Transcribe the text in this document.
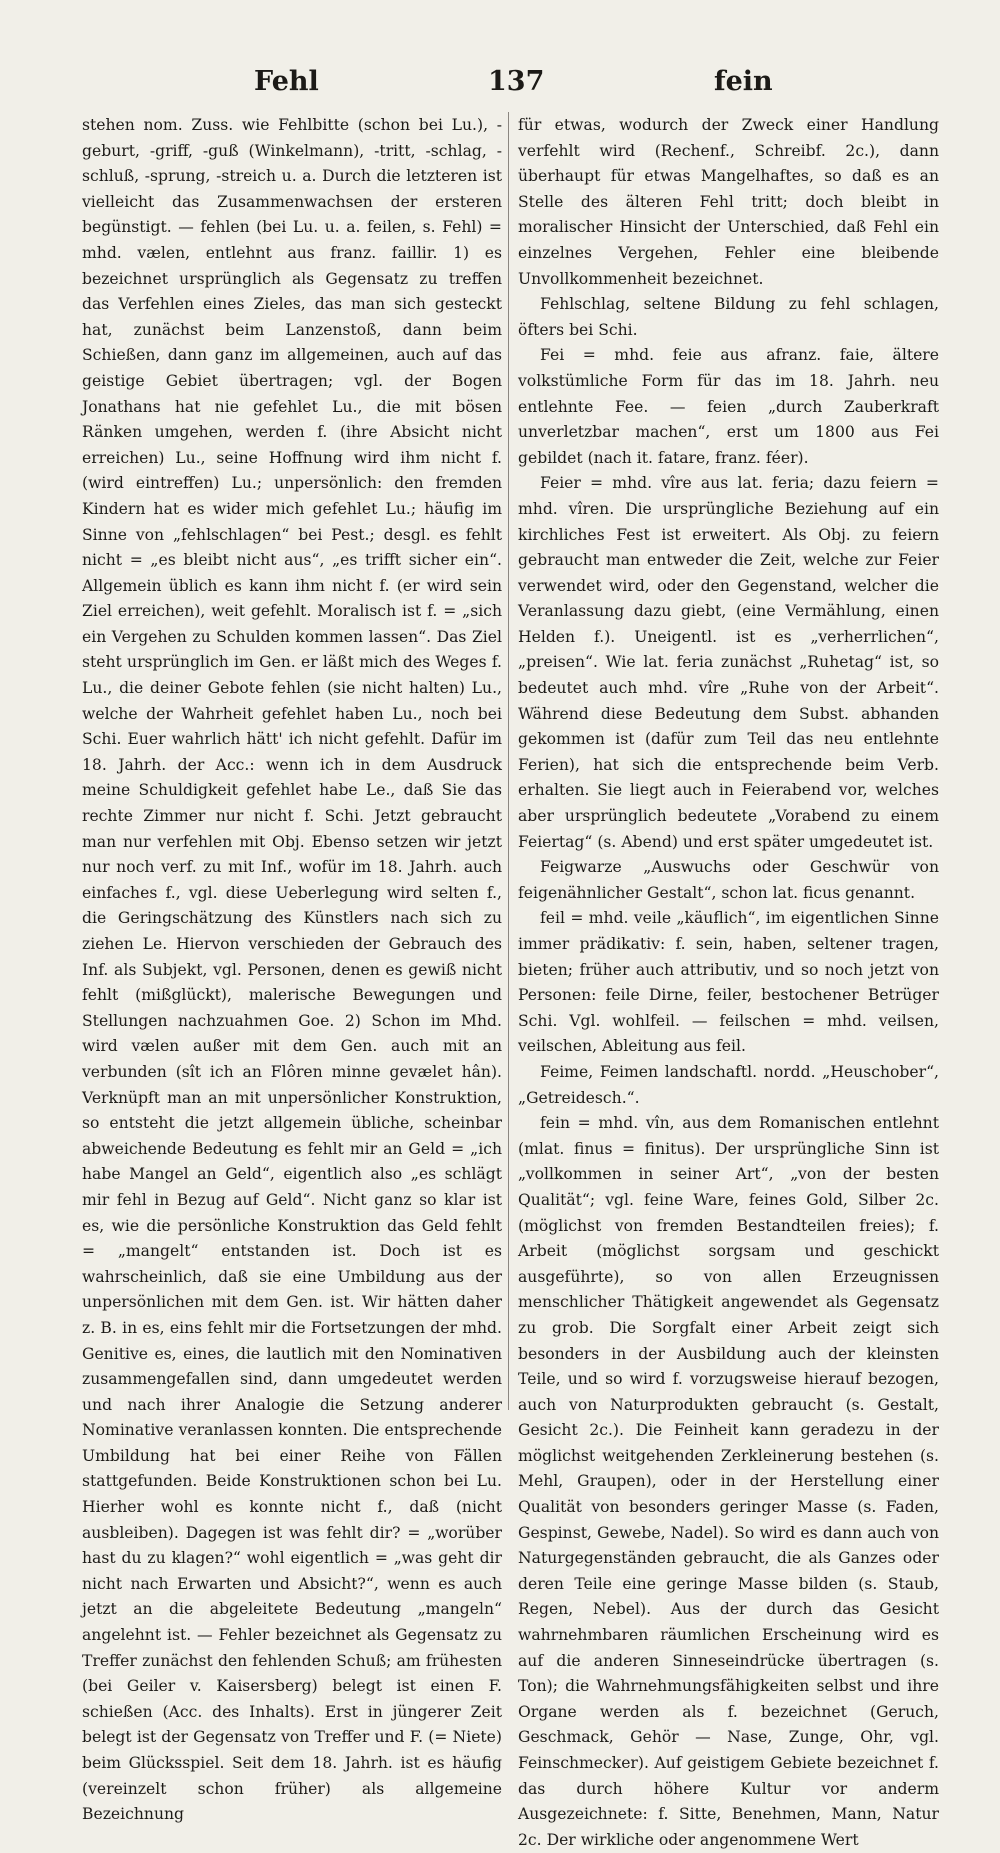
Fehl	137	fein

stehen nom. Zuss. wie Fehlbitte (schon bei Lu.), -geburt, -griff, -guß (Winkelmann), -tritt, -schlag, -schluß, -sprung, -streich u. a. Durch die letzteren ist vielleicht das Zusammenwachsen der ersteren begünstigt. — fehlen (bei Lu. u. a. feilen, s. Fehl) = mhd. vælen, entlehnt aus franz. faillir. 1) es bezeichnet ursprünglich als Gegensatz zu treffen das Verfehlen eines Zieles, das man sich gesteckt hat, zunächst beim Lanzenstoß, dann beim Schießen, dann ganz im allgemeinen, auch auf das geistige Gebiet übertragen; vgl. der Bogen Jonathans hat nie gefehlet Lu., die mit bösen Ränken umgehen, werden f. (ihre Absicht nicht erreichen) Lu., seine Hoffnung wird ihm nicht f. (wird eintreffen) Lu.; unpersönlich: den fremden Kindern hat es wider mich gefehlet Lu.; häufig im Sinne von „fehlschlagen“ bei Pest.; desgl. es fehlt nicht = „es bleibt nicht aus“, „es trifft sicher ein“. Allgemein üblich es kann ihm nicht f. (er wird sein Ziel erreichen), weit gefehlt. Moralisch ist f. = „sich ein Vergehen zu Schulden kommen lassen“. Das Ziel steht ursprünglich im Gen. er läßt mich des Weges f. Lu., die deiner Gebote fehlen (sie nicht halten) Lu., welche der Wahrheit gefehlet haben Lu., noch bei Schi. Euer wahrlich hätt' ich nicht gefehlt. Dafür im 18. Jahrh. der Acc.: wenn ich in dem Ausdruck meine Schuldigkeit gefehlet habe Le., daß Sie das rechte Zimmer nur nicht f. Schi. Jetzt gebraucht man nur verfehlen mit Obj. Ebenso setzen wir jetzt nur noch verf. zu mit Inf., wofür im 18. Jahrh. auch einfaches f., vgl. diese Ueberlegung wird selten f., die Geringschätzung des Künstlers nach sich zu ziehen Le. Hiervon verschieden der Gebrauch des Inf. als Subjekt, vgl. Personen, denen es gewiß nicht fehlt (mißglückt), malerische Bewegungen und Stellungen nachzuahmen Goe. 2) Schon im Mhd. wird vælen außer mit dem Gen. auch mit an verbunden (sît ich an Flôren minne gevælet hân). Verknüpft man an mit unpersönlicher Konstruktion, so entsteht die jetzt allgemein übliche, scheinbar abweichende Bedeutung es fehlt mir an Geld = „ich habe Mangel an Geld“, eigentlich also „es schlägt mir fehl in Bezug auf Geld“. Nicht ganz so klar ist es, wie die persönliche Konstruktion das Geld fehlt = „mangelt“ entstanden ist. Doch ist es wahrscheinlich, daß sie eine Umbildung aus der unpersönlichen mit dem Gen. ist. Wir hätten daher z. B. in es, eins fehlt mir die Fortsetzungen der mhd. Genitive es, eines, die lautlich mit den Nominativen zusammengefallen sind, dann umgedeutet werden und nach ihrer Analogie die Setzung anderer Nominative veranlassen konnten. Die entsprechende Umbildung hat bei einer Reihe von Fällen stattgefunden. Beide Konstruktionen schon bei Lu. Hierher wohl es konnte nicht f., daß (nicht ausbleiben). Dagegen ist was fehlt dir? = „worüber hast du zu klagen?“ wohl eigentlich = „was geht dir nicht nach Erwarten und Absicht?“, wenn es auch jetzt an die abgeleitete Bedeutung „mangeln“ angelehnt ist. — Fehler bezeichnet als Gegensatz zu Treffer zunächst den fehlenden Schuß; am frühesten (bei Geiler v. Kaisersberg) belegt ist einen F. schießen (Acc. des Inhalts). Erst in jüngerer Zeit belegt ist der Gegensatz von Treffer und F. (= Niete) beim Glücksspiel. Seit dem 18. Jahrh. ist es häufig (vereinzelt schon früher) als allgemeine Bezeichnung

für etwas, wodurch der Zweck einer Handlung verfehlt wird (Rechenf., Schreibf. 2c.), dann überhaupt für etwas Mangelhaftes, so daß es an Stelle des älteren Fehl tritt; doch bleibt in moralischer Hinsicht der Unterschied, daß Fehl ein einzelnes Vergehen, Fehler eine bleibende Unvollkommenheit bezeichnet.

Fehlschlag, seltene Bildung zu fehl schlagen, öfters bei Schi.

Fei = mhd. feie aus afranz. faie, ältere volkstümliche Form für das im 18. Jahrh. neu entlehnte Fee. — feien „durch Zauberkraft unverletzbar machen“, erst um 1800 aus Fei gebildet (nach it. fatare, franz. féer).

Feier = mhd. vîre aus lat. feria; dazu feiern = mhd. vîren. Die ursprüngliche Beziehung auf ein kirchliches Fest ist erweitert. Als Obj. zu feiern gebraucht man entweder die Zeit, welche zur Feier verwendet wird, oder den Gegenstand, welcher die Veranlassung dazu giebt, (eine Vermählung, einen Helden f.). Uneigentl. ist es „verherrlichen“, „preisen“. Wie lat. feria zunächst „Ruhetag“ ist, so bedeutet auch mhd. vîre „Ruhe von der Arbeit“. Während diese Bedeutung dem Subst. abhanden gekommen ist (dafür zum Teil das neu entlehnte Ferien), hat sich die entsprechende beim Verb. erhalten. Sie liegt auch in Feierabend vor, welches aber ursprünglich bedeutete „Vorabend zu einem Feiertag“ (s. Abend) und erst später umgedeutet ist.

Feigwarze „Auswuchs oder Geschwür von feigenähnlicher Gestalt“, schon lat. ficus genannt.

feil = mhd. veile „käuflich“, im eigentlichen Sinne immer prädikativ: f. sein, haben, seltener tragen, bieten; früher auch attributiv, und so noch jetzt von Personen: feile Dirne, feiler, bestochener Betrüger Schi. Vgl. wohlfeil. — feilschen = mhd. veilsen, veilschen, Ableitung aus feil.

Feime, Feimen landschaftl. nordd. „Heuschober“, „Getreidesch.“.

fein = mhd. vîn, aus dem Romanischen entlehnt (mlat. finus = finitus). Der ursprüngliche Sinn ist „vollkommen in seiner Art“, „von der besten Qualität“; vgl. feine Ware, feines Gold, Silber 2c. (möglichst von fremden Bestandteilen freies); f. Arbeit (möglichst sorgsam und geschickt ausgeführte), so von allen Erzeugnissen menschlicher Thätigkeit angewendet als Gegensatz zu grob. Die Sorgfalt einer Arbeit zeigt sich besonders in der Ausbildung auch der kleinsten Teile, und so wird f. vorzugsweise hierauf bezogen, auch von Naturprodukten gebraucht (s. Gestalt, Gesicht 2c.). Die Feinheit kann geradezu in der möglichst weitgehenden Zerkleinerung bestehen (s. Mehl, Graupen), oder in der Herstellung einer Qualität von besonders geringer Masse (s. Faden, Gespinst, Gewebe, Nadel). So wird es dann auch von Naturgegenständen gebraucht, die als Ganzes oder deren Teile eine geringe Masse bilden (s. Staub, Regen, Nebel). Aus der durch das Gesicht wahrnehmbaren räumlichen Erscheinung wird es auf die anderen Sinneseindrücke übertragen (s. Ton); die Wahrnehmungsfähigkeiten selbst und ihre Organe werden als f. bezeichnet (Geruch, Geschmack, Gehör — Nase, Zunge, Ohr, vgl. Feinschmecker). Auf geistigem Gebiete bezeichnet f. das durch höhere Kultur vor anderm Ausgezeichnete: f. Sitte, Benehmen, Mann, Natur 2c. Der wirkliche oder angenommene Wert
